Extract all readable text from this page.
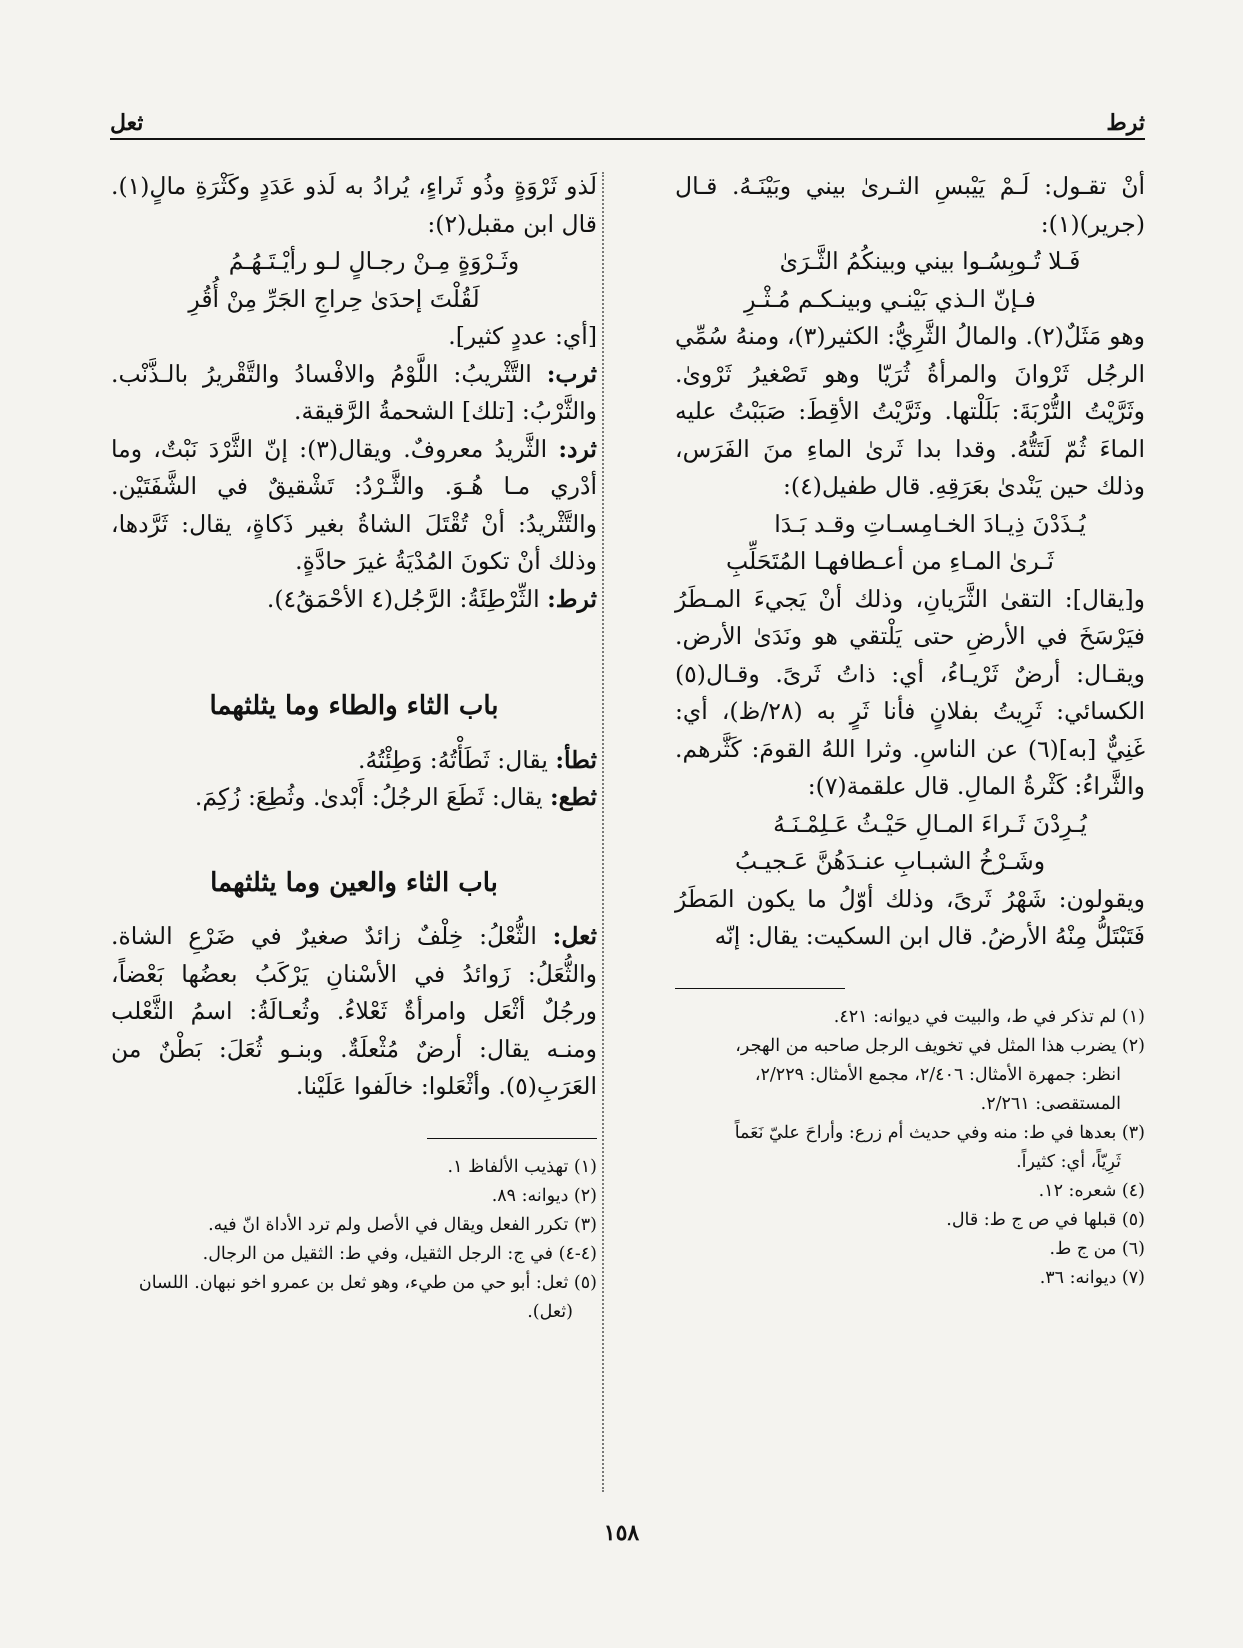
ثرط
ثعل

أنْ تقـول: لَـمْ يَيْبسِ الثـرىٰ بيني وبَيْنَـهُ. قـال (جرير)(١):

فَـلا تُـوبِسُـوا بيني وبينكُمُ الثَّـرَىٰ

فـإنّ الـذي بَيْنـي وبينـكـم مُـثْـرِ

وهو مَثَلٌ(٢). والمالُ الثَّرِيُّ: الكثير(٣)، ومنهُ سُمِّي الرجُل ثَرْوانَ والمرأةُ ثُرَيّا وهو تَصْغيرُ ثَرْوىٰ. وثَرَّيْتُ التُّرْبَةَ: بَلَلْتها. وثَرَّيْتُ الأقِطَ: صَبَبْتُ عليه الماءَ ثُمّ لَتَتُّهُ. وقدا بدا ثَرىٰ الماءِ منَ الفَرَس، وذلك حين يَنْدىٰ بعَرَقِهِ. قال طفيل(٤):

يُـذَدْنَ ذِيـادَ الخـامِسـاتِ وقـد بَـدَا

ثَـرىٰ المـاءِ من أعـطافهـا المُتَحَلِّبِ

و[يقال]: التقىٰ الثَّرَيانِ، وذلك أنْ يَجيءَ المـطَرُ فيَرْسَخَ في الأرضِ حتى يَلْتقي هو ونَدَىٰ الأرض. ويقـال: أرضٌ ثَرْيـاءُ، أي: ذاتُ ثَرىً. وقـال(٥) الكسائي: ثَرِيتُ بفلانٍ فأنا ثَرٍ به (٢٨/ظ)، أي: غَنِيٌّ [به](٦) عن الناسِ. وثرا اللهُ القومَ: كَثَّرهم. والثَّراءُ: كَثْرةُ المالِ. قال علقمة(٧):

يُـرِدْنَ ثَـراءَ المـالِ حَيْـثُ عَـلِمْـنَـهُ

وشَـرْخُ الشبـابِ عنـدَهُنَّ عَـجيـبُ

ويقولون: شَهْرُ ثَرىً، وذلك أوّلُ ما يكون المَطَرُ فَتَبْتَلُّ مِنْهُ الأرضُ. قال ابن السكيت: يقال: إنّه

(١) لم تذكر في ط، والبيت في ديوانه: ٤٢١.

(٢) يضرب هذا المثل في تخويف الرجل صاحبه من الهجر،

انظر: جمهرة الأمثال: ٢/٤٠٦، مجمع الأمثال: ٢/٢٢٩،

المستقصى: ٢/٢٦١.

(٣) بعدها في ط: منه وفي حديث أم زرع: وأراحَ عليّ نَعَماً

ثَرِيّاً، أي: كثيراً.

(٤) شعره: ١٢.

(٥) قبلها في ص ج ط: قال.

(٦) من ج ط.

(٧) ديوانه: ٣٦.

لَذو ثَرْوَةٍ وذُو ثَراءٍ، يُرادُ به لَذو عَدَدٍ وكَثْرَةِ مالٍ(١). قال ابن مقبل(٢):

وثَـرْوَةٍ مِـنْ رجـالٍ لـو رأيْـتَـهُـمُ

لَقُلْتَ إحدَىٰ حِراجِ الجَرِّ مِنْ أُقُرِ

[أي: عددٍ كثير].

ثرب: التَّثْريبُ: اللَّوْمُ والافْسادُ والتَّقْريرُ بالـذَّنْب. والثَّرْبُ: [تلك] الشحمةُ الرَّقيقة.

ثرد: الثَّريدُ معروفٌ. ويقال(٣): إنّ الثَّرْدَ نَبْتٌ، وما أدْري مـا هُـوَ. والثَّـرْدُ: تَشْقيقٌ في الشَّفَتَيْن. والتَّثْريدُ: أنْ تُقْتَلَ الشاةُ بغير ذَكاةٍ، يقال: ثَرَّدها، وذلك أنْ تكونَ المُدْيَةُ غيرَ حادَّةٍ.

ثرط: الثِّرْطِئَةُ: الرَّجُل(٤ الأحْمَقُ٤).

باب الثاء والطاء وما يثلثهما

ثطأ: يقال: ثَطَأْتُهُ: وَطِئْتُهُ.

ثطع: يقال: ثَطَعَ الرجُلُ: أَبْدىٰ. وثُطِعَ: زُكِمَ.

باب الثاء والعين وما يثلثهما

ثعل: الثُّعْلُ: خِلْفٌ زائدٌ صغيرٌ في ضَرْعِ الشاة. والثُّعَلُ: زَوائدُ في الأسْنانِ يَرْكَبُ بعضُها بَعْضاً، ورجُلٌ أثْعَل وامرأةٌ ثَعْلاءُ. وثُعـالَةُ: اسمُ الثَّعْلب ومنـه يقال: أرضٌ مُثْعلَةٌ. وبنـو ثُعَلَ: بَطْنٌ من العَرَبِ(٥). وأثْعَلوا: خالَفوا عَلَيْنا.

(١) تهذيب الألفاظ ١.

(٢) ديوانه: ٨٩.

(٣) تكرر الفعل ويقال في الأصل ولم ترد الأداة انّ فيه.

(٤-٤) في ج: الرجل الثقيل، وفي ط: الثقيل من الرجال.

(٥) ثعل: أبو حي من طيء، وهو ثعل بن عمرو اخو نبهان. اللسان

(ثعل).

١٥٨
